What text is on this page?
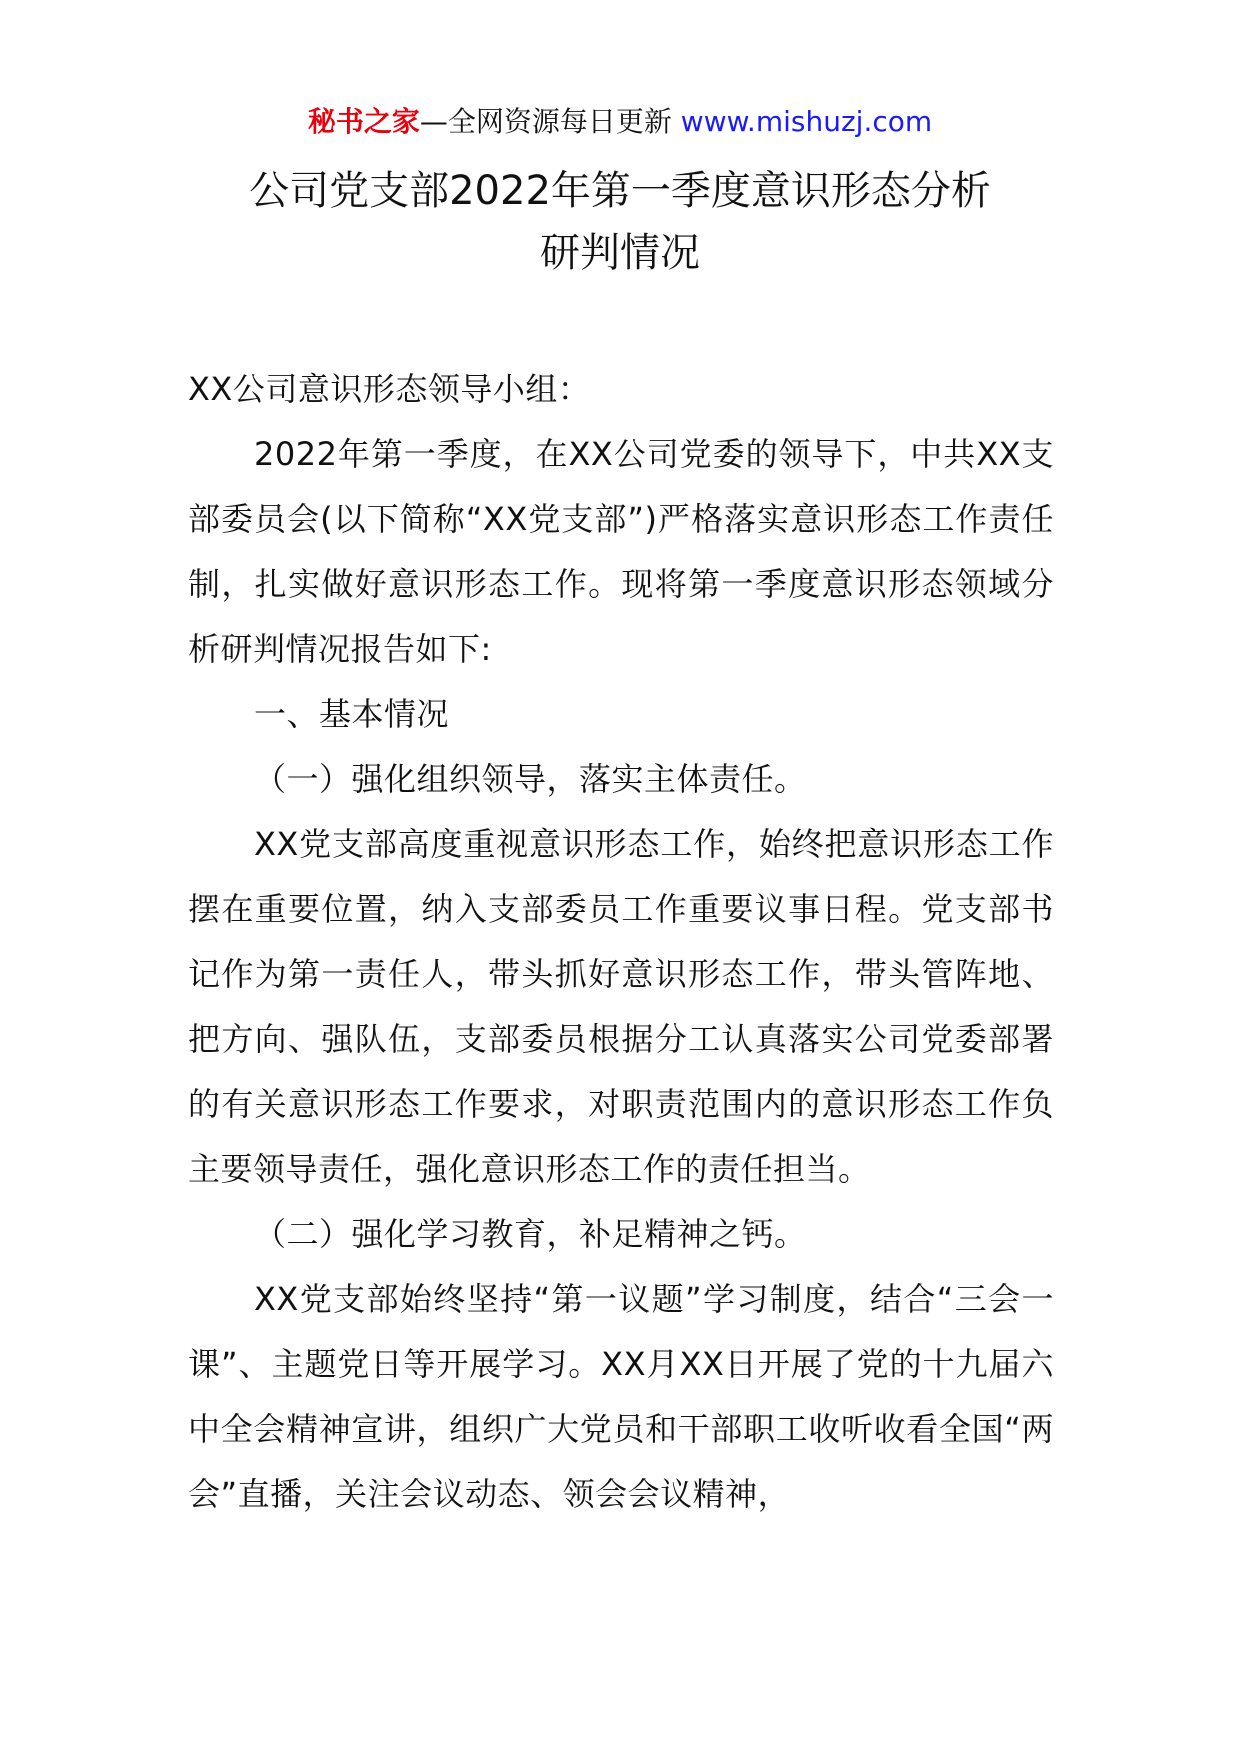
秘书之家—全网资源每日更新 www.mishuzj.com
公司党支部2022年第一季度意识形态分析
研判情况

XX公司意识形态领导小组：

2022年第一季度，在XX公司党委的领导下，中共XX支部委员会(以下简称“XX党支部”)严格落实意识形态工作责任制，扎实做好意识形态工作。现将第一季度意识形态领域分析研判情况报告如下:

一、基本情况

（一）强化组织领导，落实主体责任。

XX党支部高度重视意识形态工作，始终把意识形态工作摆在重要位置，纳入支部委员工作重要议事日程。党支部书记作为第一责任人，带头抓好意识形态工作，带头管阵地、把方向、强队伍，支部委员根据分工认真落实公司党委部署的有关意识形态工作要求，对职责范围内的意识形态工作负主要领导责任，强化意识形态工作的责任担当。

（二）强化学习教育，补足精神之钙。

XX党支部始终坚持“第一议题”学习制度，结合“三会一课”、主题党日等开展学习。XX月XX日开展了党的十九届六中全会精神宣讲，组织广大党员和干部职工收听收看全国“两会”直播，关注会议动态、领会会议精神，
